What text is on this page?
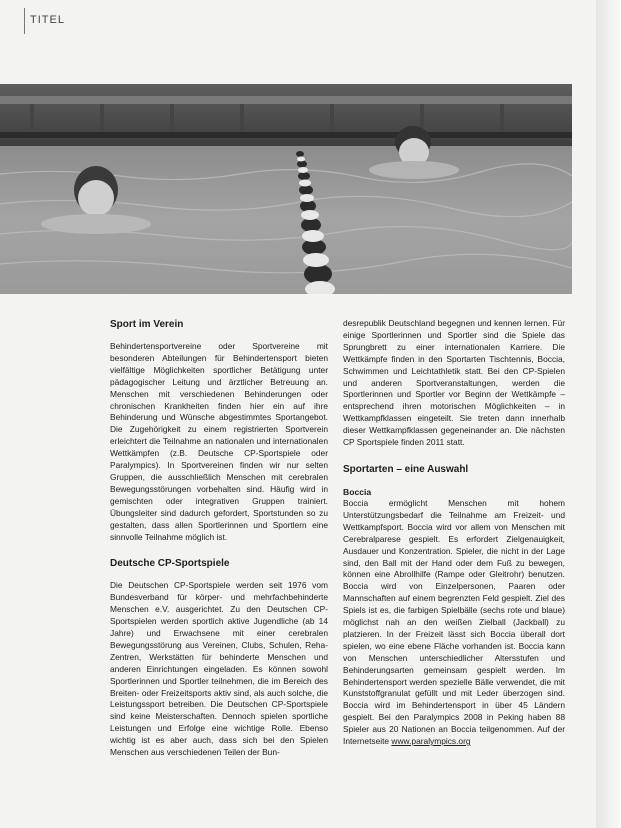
TITEL
Sport im Verein

Behindertensportvereine oder Sportvereine mit besonderen Abteilungen für Behindertensport bieten vielfältige Möglichkeiten sportlicher Betätigung unter pädagogischer Leitung und ärztlicher Betreuung an. Menschen mit verschiedenen Behinderungen oder chronischen Krankheiten finden hier ein auf ihre Behinderung und Wünsche abgestimmtes Sportangebot. Die Zugehörigkeit zu einem registrierten Sportverein erleichtert die Teilnahme an nationalen und internationalen Wettkämpfen (z.B. Deutsche CP-Sportspiele oder Paralympics). In Sportvereinen finden wir nur selten Gruppen, die ausschließlich Menschen mit cerebralen Bewegungsstörungen vorbehalten sind. Häufig wird in gemischten oder integrativen Gruppen trainiert. Übungsleiter sind dadurch gefordert, Sportstunden so zu gestalten, dass allen Sportlerinnen und Sportlern eine sinnvolle Teilnahme möglich ist.

Deutsche CP-Sportspiele

Die Deutschen CP-Sportspiele werden seit 1976 vom Bundesverband für körper- und mehrfachbehinderte Menschen e.V. ausgerichtet. Zu den Deutschen CP-Sportspielen werden sportlich aktive Jugendliche (ab 14 Jahre) und Erwachsene mit einer cerebralen Bewegungsstörung aus Vereinen, Clubs, Schulen, Reha-Zentren, Werkstätten für behinderte Menschen und anderen Einrichtungen eingeladen. Es können sowohl Sportlerinnen und Sportler teilnehmen, die im Bereich des Breiten- oder Freizeitsports aktiv sind, als auch solche, die Leistungssport betreiben. Die Deutschen CP-Sportspiele sind keine Meisterschaften. Dennoch spielen sportliche Leistungen und Erfolge eine wichtige Rolle. Ebenso wichtig ist es aber auch, dass sich bei den Spielen Menschen aus verschiedenen Teilen der Bun-

desrepublik Deutschland begegnen und kennen lernen. Für einige Sportlerinnen und Sportler sind die Spiele das Sprungbrett zu einer internationalen Karriere. Die Wettkämpfe finden in den Sportarten Tischtennis, Boccia, Schwimmen und Leichtathletik statt. Bei den CP-Spielen und anderen Sportveranstaltungen, werden die Sportlerinnen und Sportler vor Beginn der Wettkämpfe – entsprechend ihren motorischen Möglichkeiten – in Wettkampfklassen eingeteilt. Sie treten dann innerhalb dieser Wettkampfklassen gegeneinander an. Die nächsten CP Sportspiele finden 2011 statt.

Sportarten – eine Auswahl
Boccia

Boccia ermöglicht Menschen mit hohem Unterstützungsbedarf die Teilnahme am Freizeit- und Wettkampfsport. Boccia wird vor allem von Menschen mit Cerebralparese gespielt. Es erfordert Zielgenauigkeit, Ausdauer und Konzentration. Spieler, die nicht in der Lage sind, den Ball mit der Hand oder dem Fuß zu bewegen, können eine Abrollhilfe (Rampe oder Gleitrohr) benutzen. Boccia wird von Einzelpersonen, Paaren oder Mannschaften auf einem begrenzten Feld gespielt. Ziel des Spiels ist es, die farbigen Spielbälle (sechs rote und blaue) möglichst nah an den weißen Zielball (Jackball) zu platzieren. In der Freizeit lässt sich Boccia überall dort spielen, wo eine ebene Fläche vorhanden ist. Boccia kann von Menschen unterschiedlicher Altersstufen und Behinderungsarten gemeinsam gespielt werden. Im Behindertensport werden spezielle Bälle verwendet, die mit Kunststoffgranulat gefüllt und mit Leder überzogen sind. Boccia wird im Behindertensport in über 45 Ländern gespielt. Bei den Paralympics 2008 in Peking haben 88 Spieler aus 20 Nationen an Boccia teilgenommen. Auf der Internetseite www.paralympics.org
